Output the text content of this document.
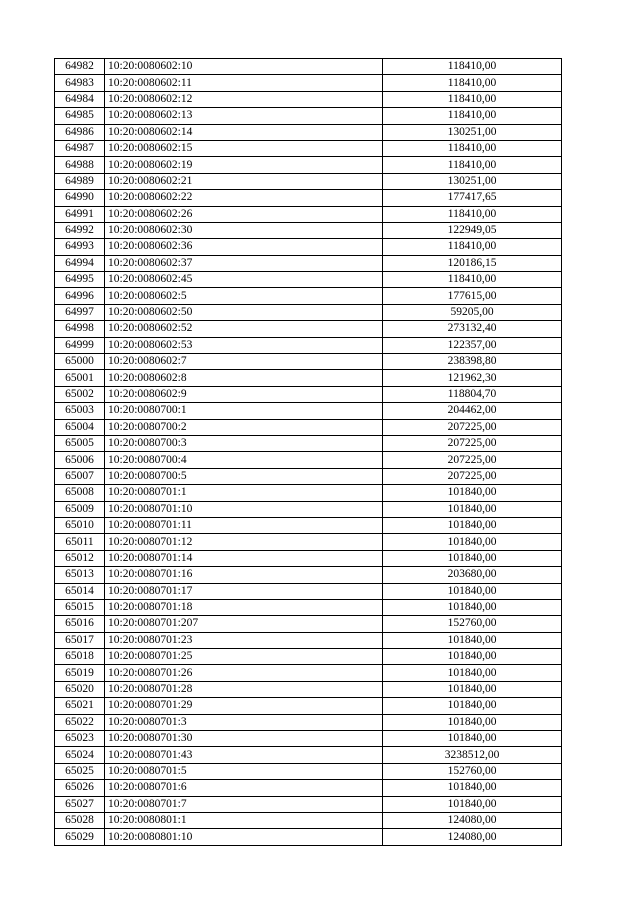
64982	10:20:0080602:10	118410,00
64983	10:20:0080602:11	118410,00
64984	10:20:0080602:12	118410,00
64985	10:20:0080602:13	118410,00
64986	10:20:0080602:14	130251,00
64987	10:20:0080602:15	118410,00
64988	10:20:0080602:19	118410,00
64989	10:20:0080602:21	130251,00
64990	10:20:0080602:22	177417,65
64991	10:20:0080602:26	118410,00
64992	10:20:0080602:30	122949,05
64993	10:20:0080602:36	118410,00
64994	10:20:0080602:37	120186,15
64995	10:20:0080602:45	118410,00
64996	10:20:0080602:5	177615,00
64997	10:20:0080602:50	59205,00
64998	10:20:0080602:52	273132,40
64999	10:20:0080602:53	122357,00
65000	10:20:0080602:7	238398,80
65001	10:20:0080602:8	121962,30
65002	10:20:0080602:9	118804,70
65003	10:20:0080700:1	204462,00
65004	10:20:0080700:2	207225,00
65005	10:20:0080700:3	207225,00
65006	10:20:0080700:4	207225,00
65007	10:20:0080700:5	207225,00
65008	10:20:0080701:1	101840,00
65009	10:20:0080701:10	101840,00
65010	10:20:0080701:11	101840,00
65011	10:20:0080701:12	101840,00
65012	10:20:0080701:14	101840,00
65013	10:20:0080701:16	203680,00
65014	10:20:0080701:17	101840,00
65015	10:20:0080701:18	101840,00
65016	10:20:0080701:207	152760,00
65017	10:20:0080701:23	101840,00
65018	10:20:0080701:25	101840,00
65019	10:20:0080701:26	101840,00
65020	10:20:0080701:28	101840,00
65021	10:20:0080701:29	101840,00
65022	10:20:0080701:3	101840,00
65023	10:20:0080701:30	101840,00
65024	10:20:0080701:43	3238512,00
65025	10:20:0080701:5	152760,00
65026	10:20:0080701:6	101840,00
65027	10:20:0080701:7	101840,00
65028	10:20:0080801:1	124080,00
65029	10:20:0080801:10	124080,00
